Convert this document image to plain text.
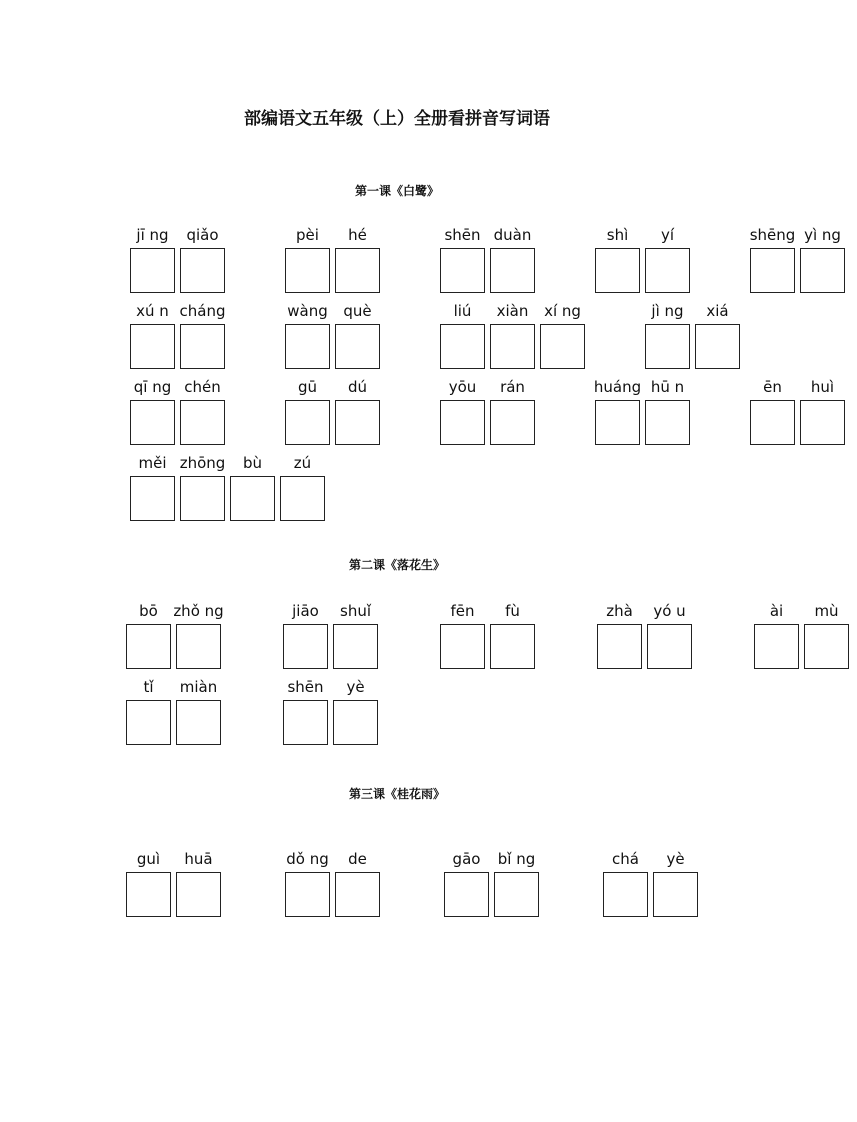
部编语文五年级（上）全册看拼音写词语
第一课《白鹭》
jī ng	qiǎo	pèi	hé	shēn duàn	shì	yí	shēng yì ng
xú n cháng	wàng	què	liú	xiàn	xí ng	jì ng	xiá
qī ng chén	gū	dú	yōu	rán	huáng hū n	ēn	huì
měi zhōng	bù	zú
第二课《落花生》
bō	zhǒ ng	jiāo	shuǐ	fēn	fù	zhà	yó u	ài	mù
tǐ	miàn	shēn	yè
第三课《桂花雨》
guì	huā	dǒ ng	de	gāo	bǐ ng	chá	yè
